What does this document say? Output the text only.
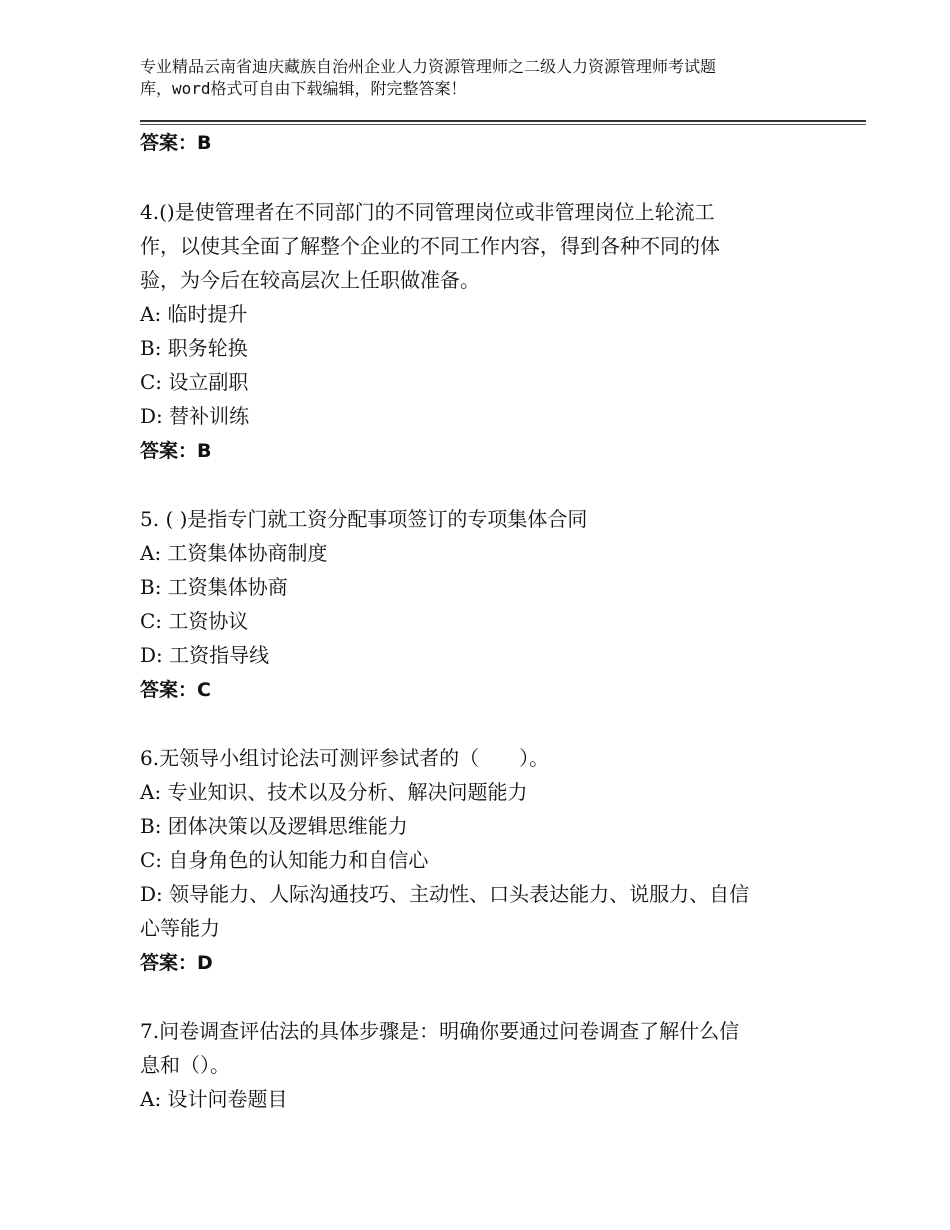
专业精品云南省迪庆藏族自治州企业人力资源管理师之二级人力资源管理师考试题
库，word格式可自由下载编辑，附完整答案！
答案：B
4.()是使管理者在不同部门的不同管理岗位或非管理岗位上轮流工
作，以使其全面了解整个企业的不同工作内容，得到各种不同的体
验，为今后在较高层次上任职做准备。
A: 临时提升
B: 职务轮换
C: 设立副职
D: 替补训练
答案：B
5. ( )是指专门就工资分配事项签订的专项集体合同
A: 工资集体协商制度
B: 工资集体协商
C: 工资协议
D: 工资指导线
答案：C
6.无领导小组讨论法可测评参试者的（　　）。
A: 专业知识、技术以及分析、解决问题能力
B: 团体决策以及逻辑思维能力
C: 自身角色的认知能力和自信心
D: 领导能力、人际沟通技巧、主动性、口头表达能力、说服力、自信
心等能力
答案：D
7.问卷调查评估法的具体步骤是：明确你要通过问卷调查了解什么信
息和（）。
A: 设计问卷题目
